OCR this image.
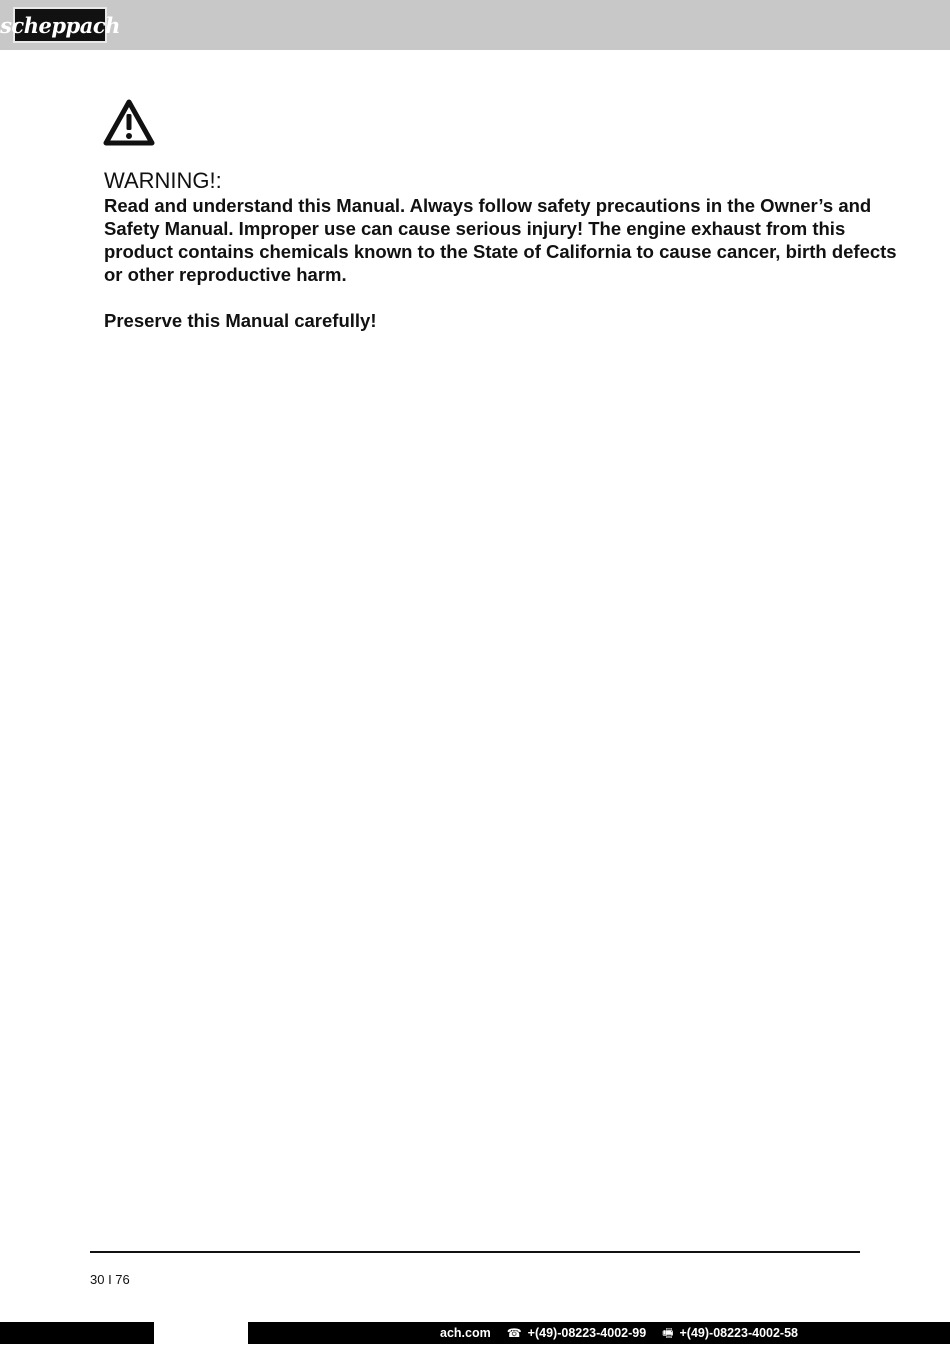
scheppach
WARNING!:

Read and understand this Manual. Always follow safety precautions in the Owner’s and Safety Manual. Improper use can cause serious injury! The engine exhaust from this product contains chemicals known to the State of California to cause cancer, birth defects or other reproductive harm.

Preserve this Manual carefully!

30 I 76
ach.com ☎ +(49)-08223-4002-99 🖷 +(49)-08223-4002-58
